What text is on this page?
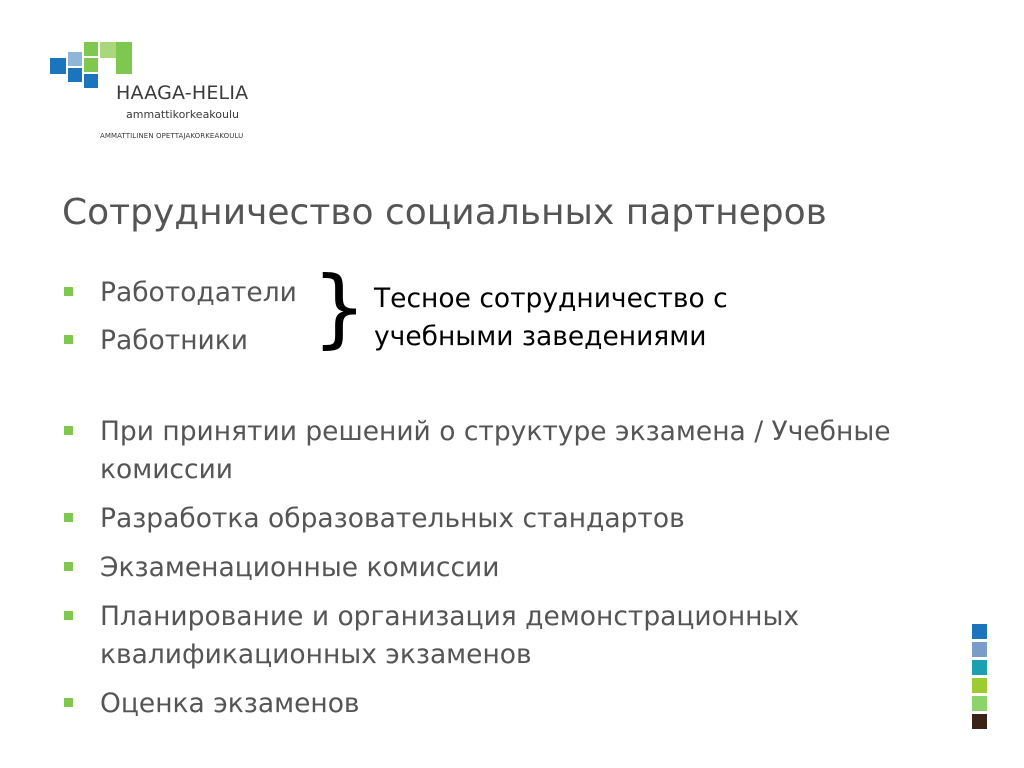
HAAGA-HELIA
ammattikorkeakoulu
AMMATTILINEN OPETTAJAKORKEAKOULU
Сотрудничество социальных партнеров
Работодатели
Работники } Тесное сотрудничество с
учебными заведениями
При принятии решений о структуре экзамена / Учебные комиссии
Разработка образовательных стандартов
Экзаменационные комиссии
Планирование и организация демонстрационных квалификационных экзаменов
Оценка экзаменов
